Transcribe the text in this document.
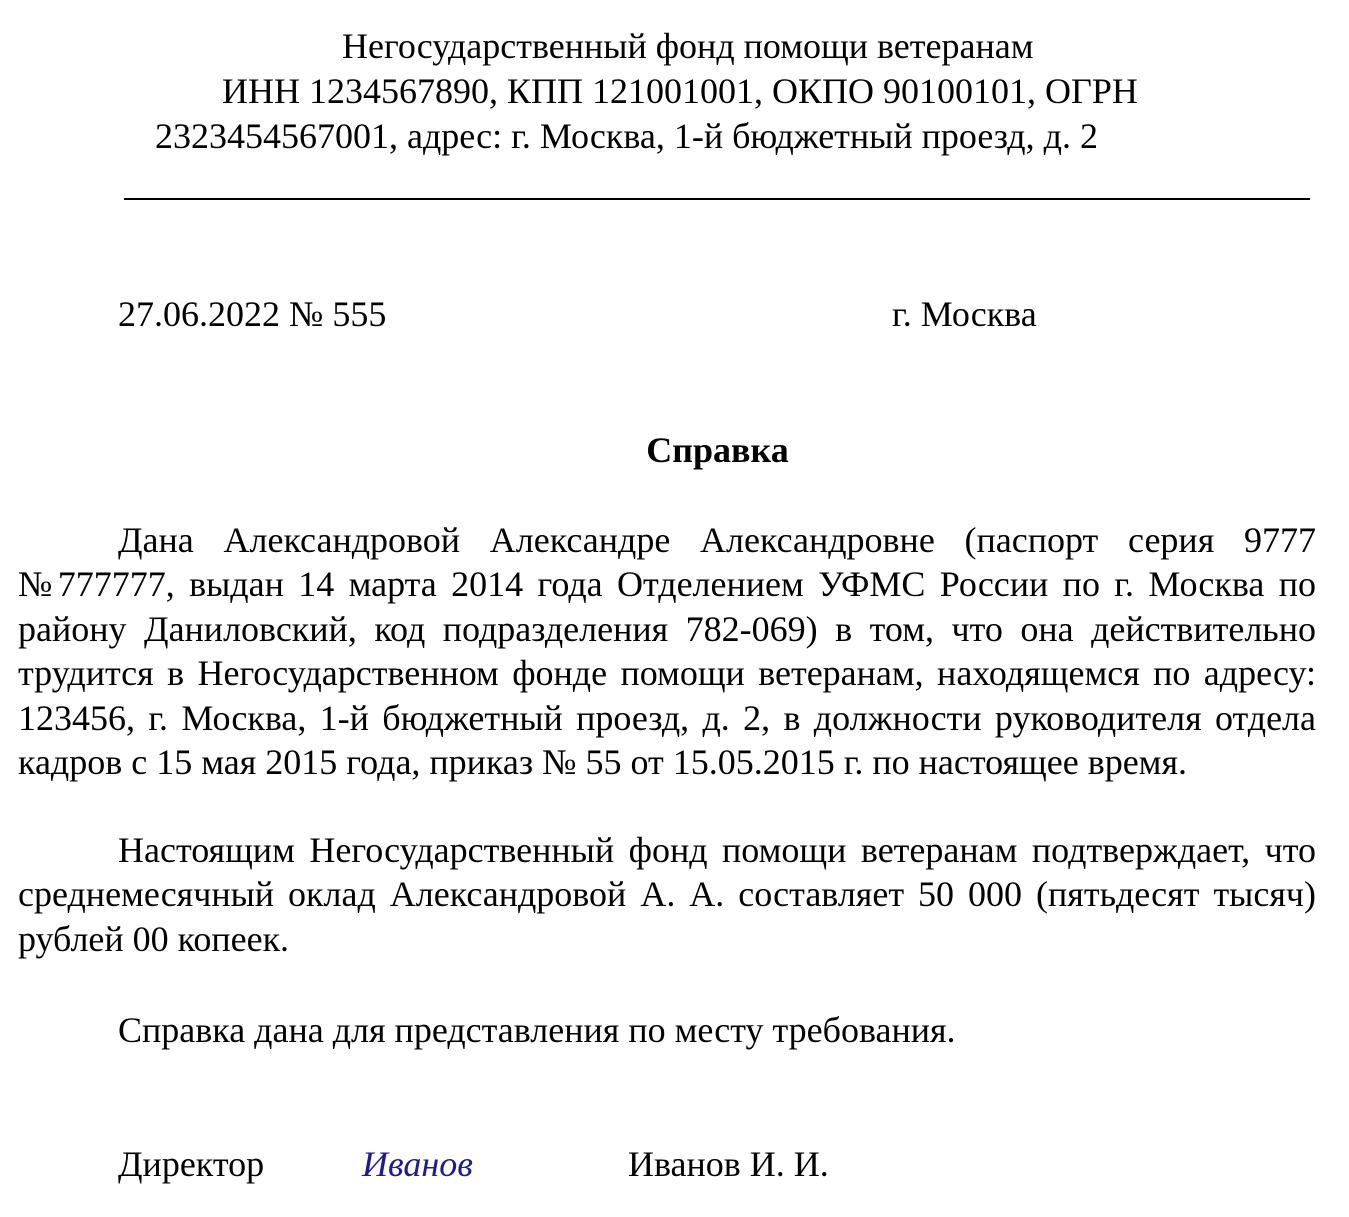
Негосударственный фонд помощи ветеранам
ИНН 1234567890, КПП 121001001, ОКПО 90100101, ОГРН
2323454567001, адрес: г. Москва, 1-й бюджетный проезд, д. 2
27.06.2022 № 555	г. Москва
Справка

Дана Александровой Александре Александровне (паспорт серия 9777 №777777, выдан 14 марта 2014 года Отделением УФМС России по г. Москва по району Даниловский, код подразделения 782-069) в том, что она действительно трудится в Негосударственном фонде помощи ветеранам, находящемся по адресу: 123456, г. Москва, 1-й бюджетный проезд, д. 2, в должности руководителя отдела кадров с 15 мая 2015 года, приказ № 55 от 15.05.2015 г. по настоящее время.

Настоящим Негосударственный фонд помощи ветеранам подтверждает, что среднемесячный оклад Александровой А. А. составляет 50 000 (пятьдесят тысяч) рублей 00 копеек.

Справка дана для представления по месту требования.

Директор	Иванов	Иванов И. И.
